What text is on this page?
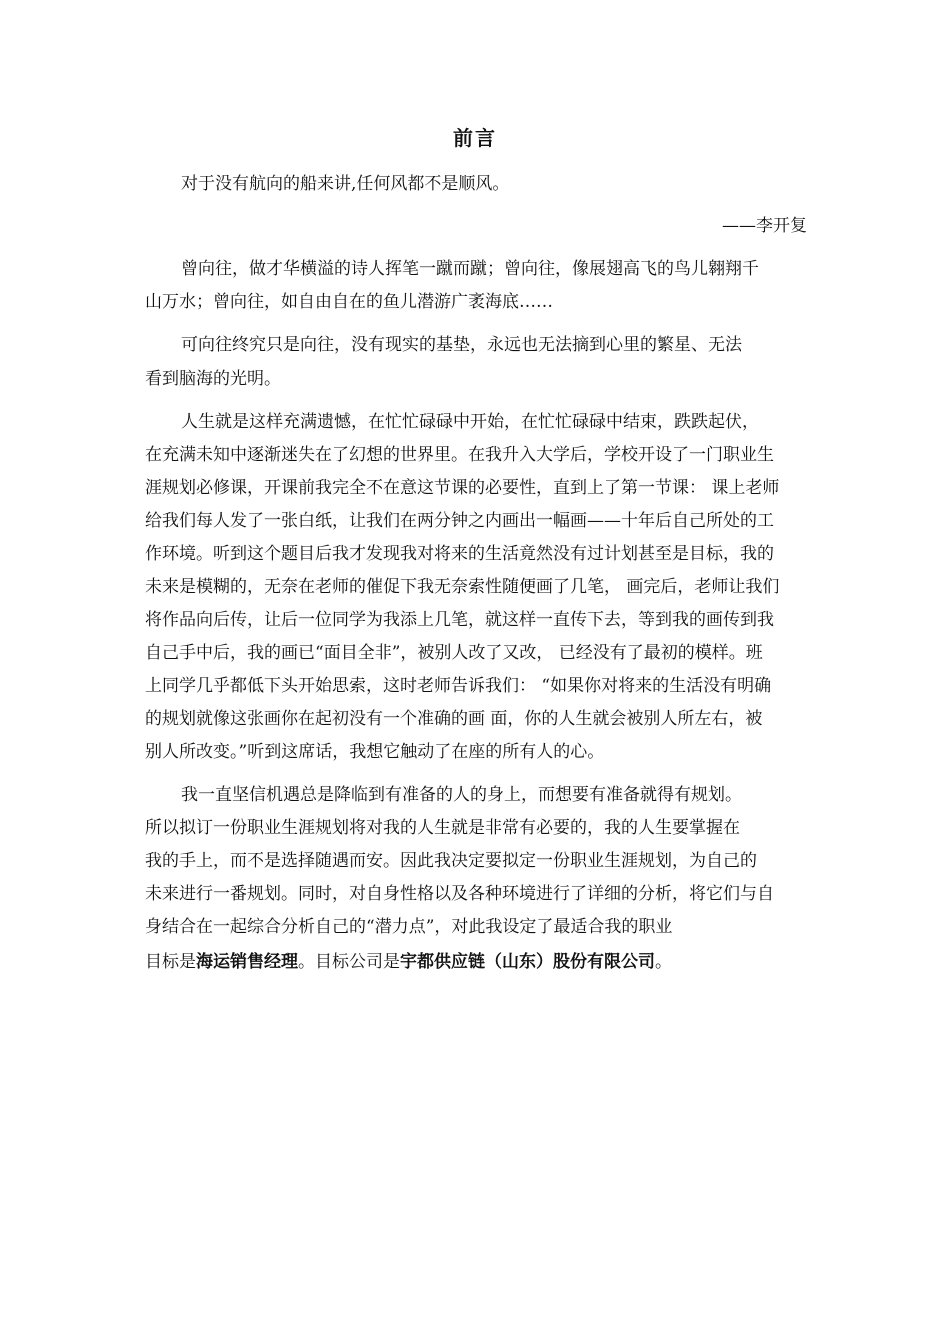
前言
对于没有航向的船来讲,任何风都不是顺风。
——李开复
曾向往，做才华横溢的诗人挥笔一蹴而蹴；曾向往，像展翅高飞的鸟儿翱翔千
山万水；曾向往，如自由自在的鱼儿潜游广袤海底……
可向往终究只是向往，没有现实的基垫，永远也无法摘到心里的繁星、无法
看到脑海的光明。
人生就是这样充满遗憾，在忙忙碌碌中开始，在忙忙碌碌中结束，跌跌起伏，
在充满未知中逐渐迷失在了幻想的世界里。在我升入大学后，学校开设了一门职业生
涯规划必修课，开课前我完全不在意这节课的必要性，直到上了第一节课： 课上老师
给我们每人发了一张白纸，让我们在两分钟之内画出一幅画——十年后自己所处的工
作环境。听到这个题目后我才发现我对将来的生活竟然没有过计划甚至是目标，我的
未来是模糊的，无奈在老师的催促下我无奈索性随便画了几笔， 画完后，老师让我们
将作品向后传，让后一位同学为我添上几笔，就这样一直传下去，等到我的画传到我
自己手中后，我的画已“面目全非”，被别人改了又改， 已经没有了最初的模样。班
上同学几乎都低下头开始思索，这时老师告诉我们： “如果你对将来的生活没有明确
的规划就像这张画你在起初没有一个准确的画 面，你的人生就会被别人所左右，被
别人所改变。”听到这席话，我想它触动了在座的所有人的心。
我一直坚信机遇总是降临到有准备的人的身上，而想要有准备就得有规划。
所以拟订一份职业生涯规划将对我的人生就是非常有必要的，我的人生要掌握在
我的手上，而不是选择随遇而安。因此我决定要拟定一份职业生涯规划，为自己的
未来进行一番规划。同时，对自身性格以及各种环境进行了详细的分析，将它们与自
身结合在一起综合分析自己的“潜力点”，对此我设定了最适合我的职业
目标是海运销售经理。目标公司是宇都供应链（山东）股份有限公司。
